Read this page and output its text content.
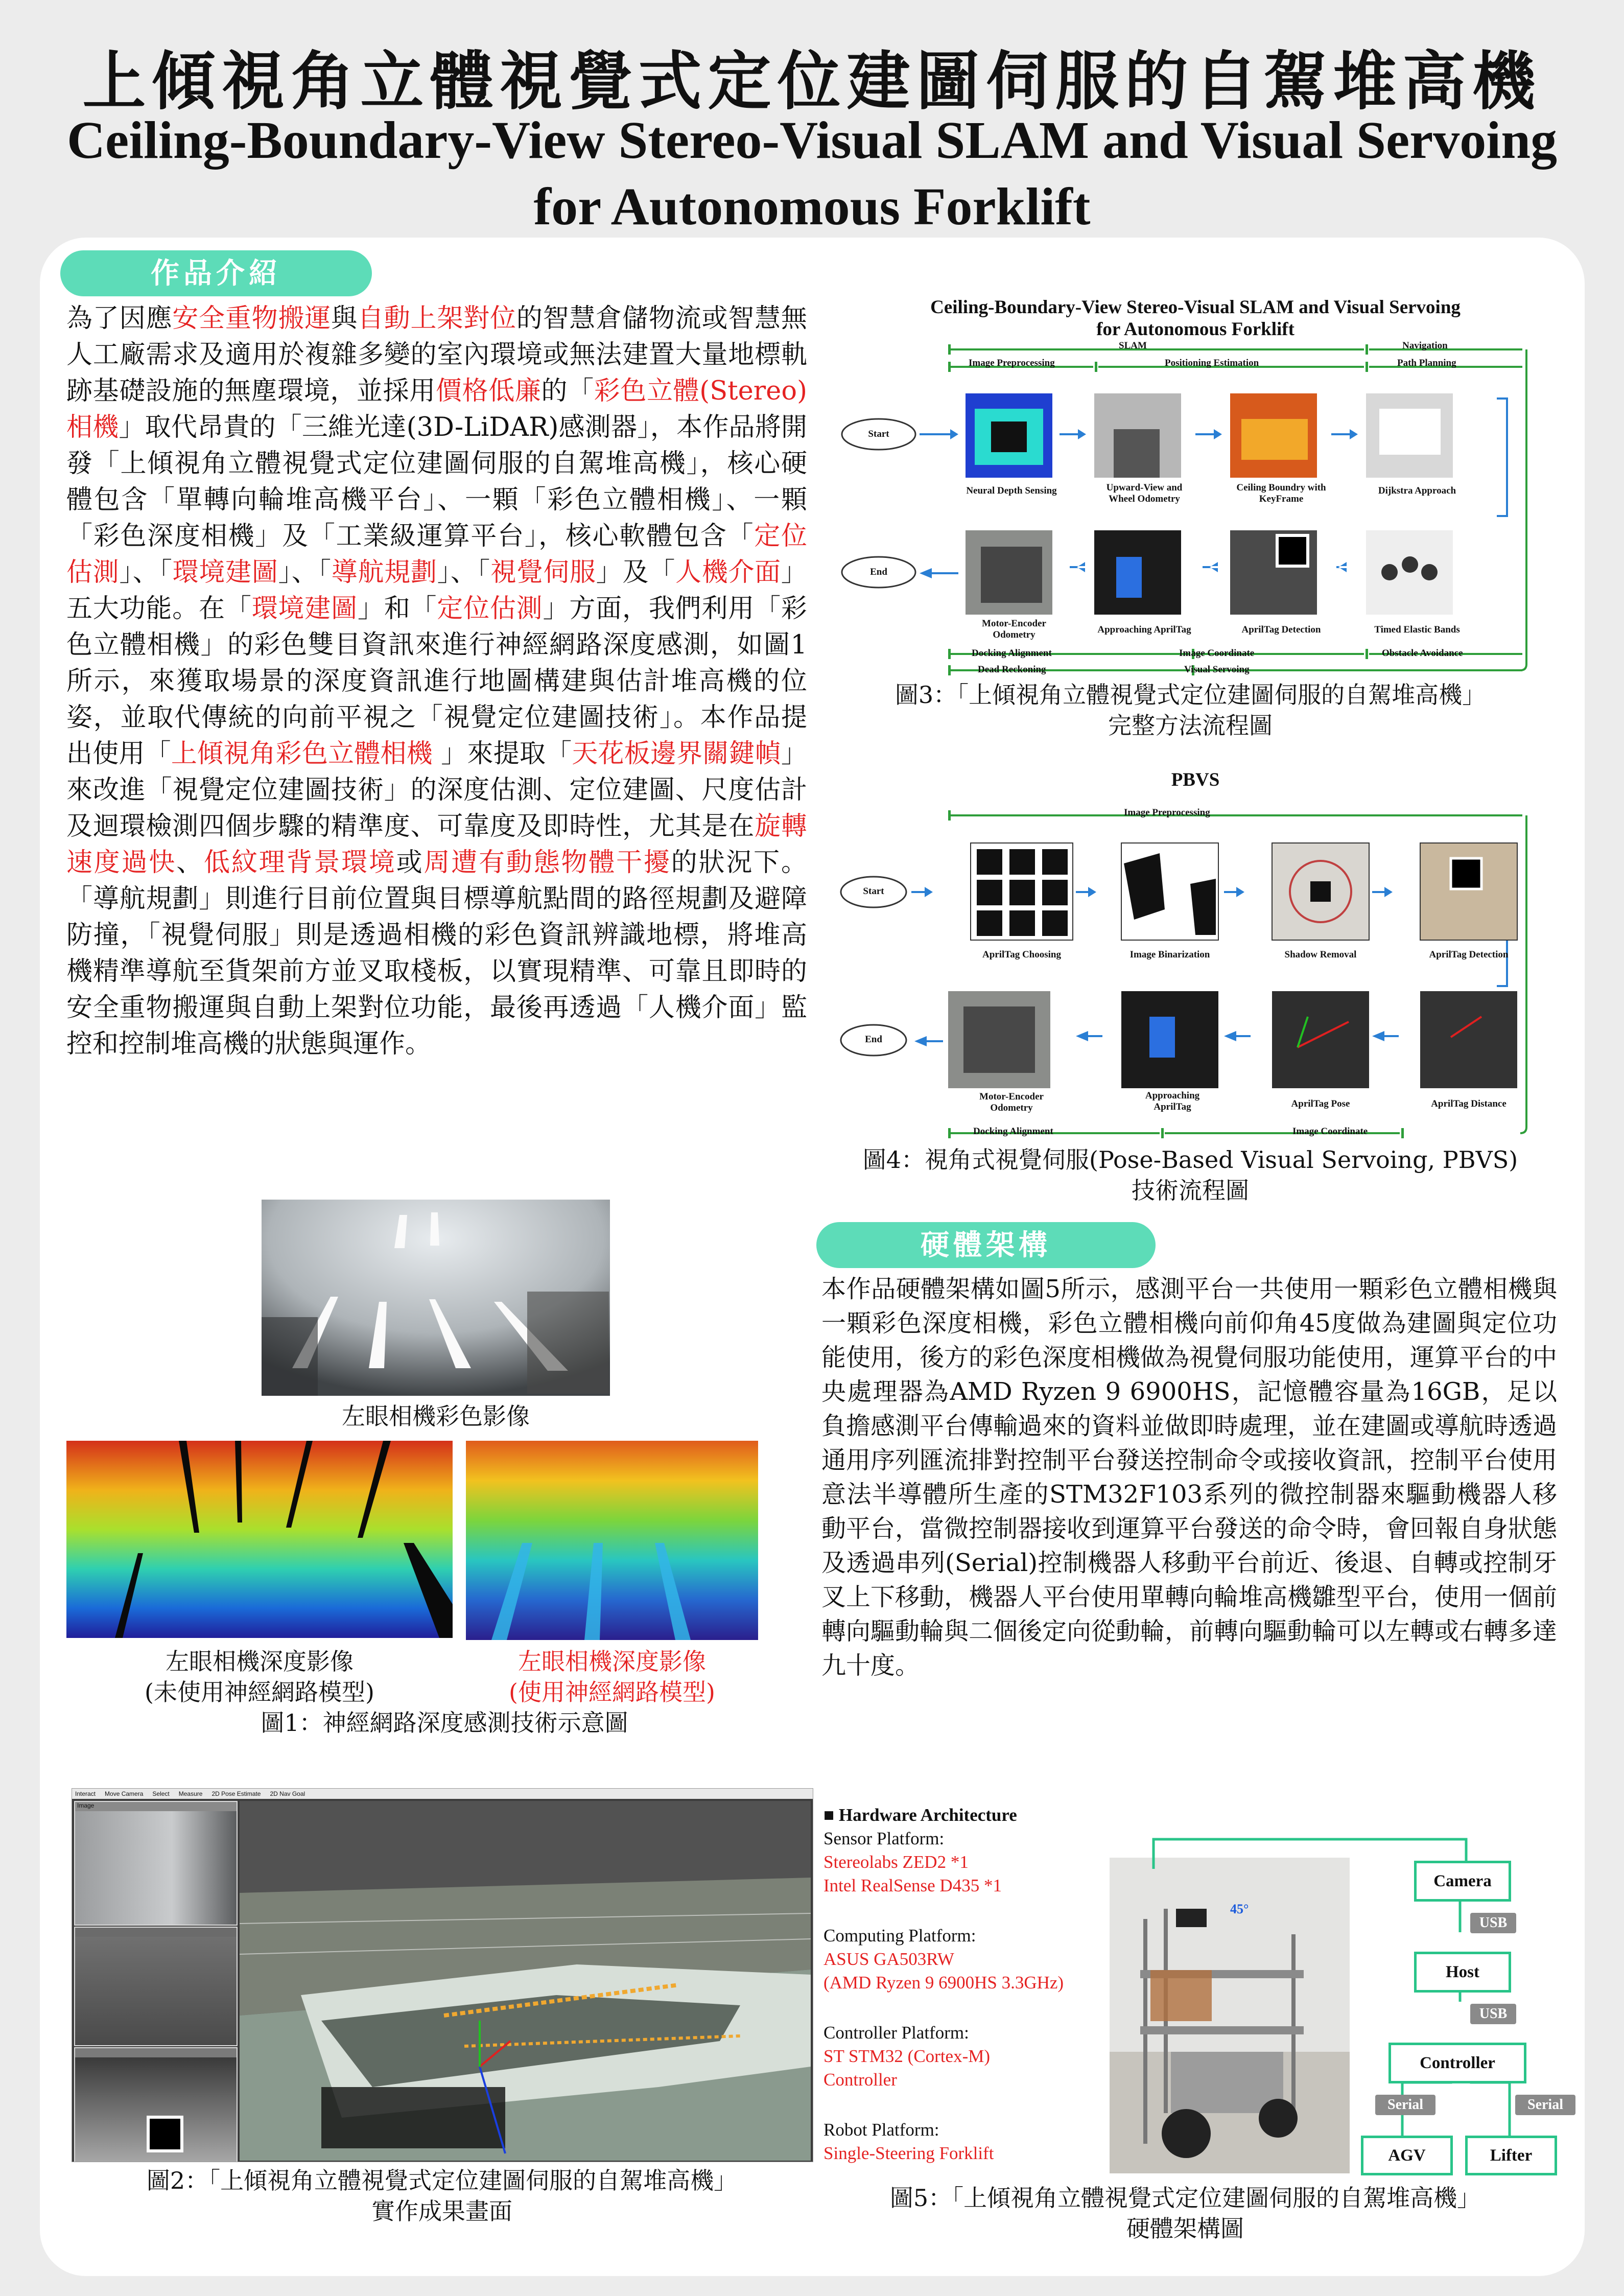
上傾視角立體視覺式定位建圖伺服的自駕堆高機
Ceiling-Boundary-View Stereo-Visual SLAM and Visual Servoing
for Autonomous Forklift
作品介紹
為了因應安全重物搬運與自動上架對位的智慧倉儲物流或智慧無人工廠需求及適用於複雜多變的室內環境或無法建置大量地標軌跡基礎設施的無塵環境，並採用價格低廉的「彩色立體(Stereo)相機」取代昂貴的「三維光達(3D-LiDAR)感測器」，本作品將開發「上傾視角立體視覺式定位建圖伺服的自駕堆高機」，核心硬體包含「單轉向輪堆高機平台」、一顆「彩色立體相機」、一顆「彩色深度相機」及「工業級運算平台」，核心軟體包含「定位估測」、「環境建圖」、「導航規劃」、「視覺伺服」及「人機介面」五大功能。在「環境建圖」和「定位估測」方面，我們利用「彩色立體相機」的彩色雙目資訊來進行神經網路深度感測，如圖1所示，來獲取場景的深度資訊進行地圖構建與估計堆高機的位姿，並取代傳統的向前平視之「視覺定位建圖技術」。本作品提出使用「上傾視角彩色立體相機 」來提取「天花板邊界關鍵幀」來改進「視覺定位建圖技術」的深度估測、定位建圖、尺度估計及迴環檢測四個步驟的精準度、可靠度及即時性，尤其是在旋轉速度過快、低紋理背景環境或周遭有動態物體干擾的狀況下。「導航規劃」則進行目前位置與目標導航點間的路徑規劃及避障防撞，「視覺伺服」則是透過相機的彩色資訊辨識地標，將堆高機精準導航至貨架前方並叉取棧板，以實現精準、可靠且即時的安全重物搬運與自動上架對位功能，最後再透過「人機介面」監控和控制堆高機的狀態與運作。
左眼相機彩色影像
左眼相機深度影像
(未使用神經網路模型)
左眼相機深度影像
(使用神經網路模型)
圖1：神經網路深度感測技術示意圖
Interact Move Camera Select Measure 2D Pose Estimate 2D Nav Goal
Image
圖2：「上傾視角立體視覺式定位建圖伺服的自駕堆高機」
實作成果畫面
Ceiling-Boundary-View Stereo-Visual SLAM and Visual Servoing
for Autonomous Forklift
SLAM	Navigation
Image Preprocessing	Positioning Estimation	Path Planning
Start
End
Neural Depth Sensing	Upward-View and Wheel Odometry
Ceiling Boundry with KeyFrame
Dijkstra Approach
Motor-Encoder Odometry	Approaching AprilTag	AprilTag Detection	Timed Elastic Bands
Docking Alignment	Image Coordinate	Obstacle Avoidance
Dead Reckoning	Visual Servoing
圖3：「上傾視角立體視覺式定位建圖伺服的自駕堆高機」
完整方法流程圖
PBVS
Image Preprocessing
Start
End
AprilTag Choosing	Image Binarization	Shadow Removal	AprilTag Detection
Motor-Encoder Odometry
Approaching AprilTag	AprilTag Pose	AprilTag Distance
Docking Alignment	Image Coordinate
圖4：視角式視覺伺服(Pose-Based Visual Servoing, PBVS)
技術流程圖
硬體架構
本作品硬體架構如圖5所示，感測平台一共使用一顆彩色立體相機與一顆彩色深度相機，彩色立體相機向前仰角45度做為建圖與定位功能使用，後方的彩色深度相機做為視覺伺服功能使用，運算平台的中央處理器為AMD Ryzen 9 6900HS，記憶體容量為16GB，足以負擔感測平台傳輸過來的資料並做即時處理，並在建圖或導航時透過通用序列匯流排對控制平台發送控制命令或接收資訊，控制平台使用意法半導體所生產的STM32F103系列的微控制器來驅動機器人移動平台，當微控制器接收到運算平台發送的命令時，會回報自身狀態及透過串列(Serial)控制機器人移動平台前近、後退、自轉或控制牙叉上下移動，機器人平台使用單轉向輪堆高機雛型平台，使用一個前轉向驅動輪與二個後定向從動輪，前轉向驅動輪可以左轉或右轉多達九十度。
■ Hardware Architecture
Sensor Platform:
Stereolabs ZED2 *1
Intel RealSense D435 *1
Computing Platform:
ASUS GA503RW
(AMD Ryzen 9 6900HS 3.3GHz)
Controller Platform:
ST STM32 (Cortex-M)
Controller
Robot Platform:
Single-Steering Forklift
45°
Camera
USB
Host
USB
Controller
Serial	Serial
AGV	Lifter
圖5：「上傾視角立體視覺式定位建圖伺服的自駕堆高機」
硬體架構圖
